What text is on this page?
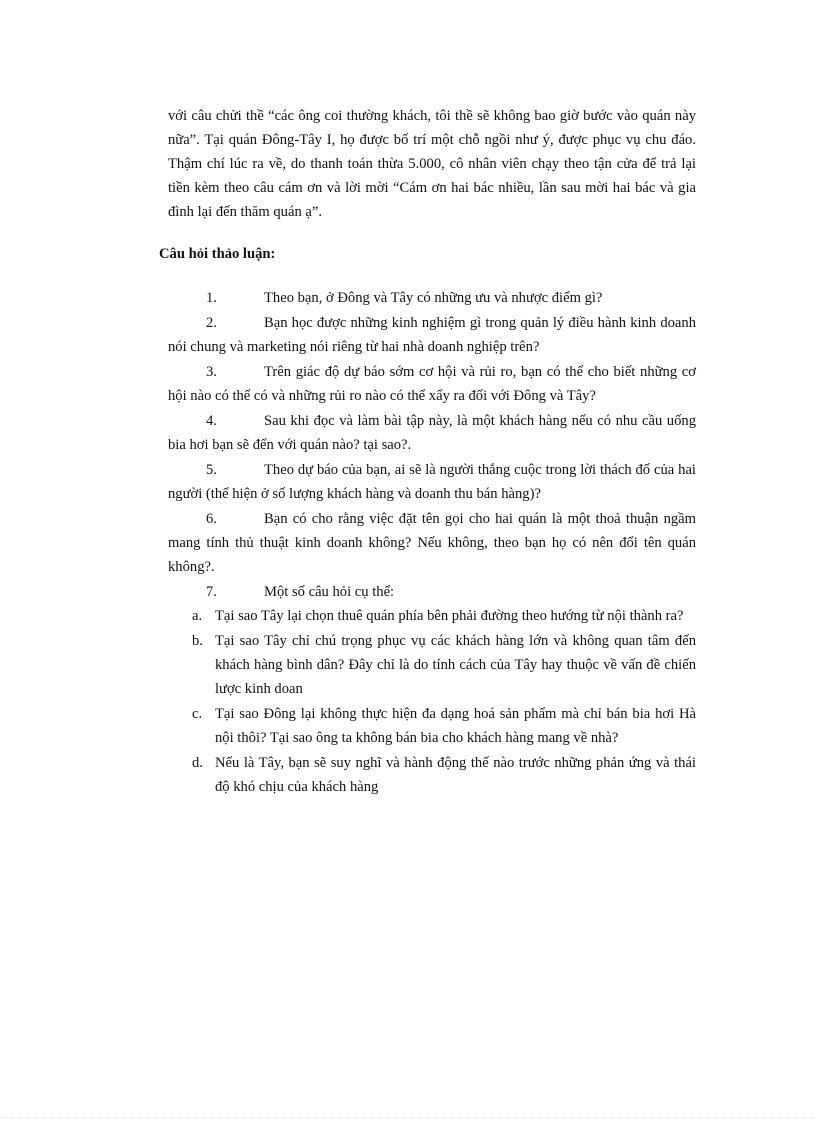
với câu chửi thề “các ông coi thường khách, tôi thề sẽ không bao giờ bước vào quán này nữa”. Tại quán Đông-Tây I, họ được bố trí một chỗ ngồi như ý, được phục vụ chu đáo. Thậm chí lúc ra về, do thanh toán thừa 5.000, cô nhân viên chạy theo tận cửa để trả lại tiền kèm theo câu cám ơn và lời mời “Cám ơn hai bác nhiều, lần sau mời hai bác và gia đình lại đến thăm quán ạ”.

Câu hỏi thảo luận:

1.	Theo bạn, ở Đông và Tây có những ưu và nhược điểm gì?
2.	Bạn học được những kinh nghiệm gì trong quản lý điều hành kinh doanh nói chung và marketing nói riêng từ hai nhà doanh nghiệp trên?
3.	Trên giác độ dự báo sớm cơ hội và rủi ro, bạn có thể cho biết những cơ hội nào có thể có và những rủi ro nào có thể xẩy ra đối với Đông và Tây?
4.	Sau khi đọc và làm bài tập này, là một khách hàng nếu có nhu cầu uống bia hơi bạn sẽ đến với quán nào? tại sao?.
5.	Theo dự báo của bạn, ai sẽ là người thắng cuộc trong lời thách đố của hai người (thể hiện ở số lượng khách hàng và doanh thu bán hàng)?
6.	Bạn có cho rằng việc đặt tên gọi cho hai quán là một thoả thuận ngầm mang tính thủ thuật kinh doanh không? Nếu không, theo bạn họ có nên đổi tên quán không?.
7.	Một số câu hỏi cụ thể:
a. Tại sao Tây lại chọn thuê quán phía bên phải đường theo hướng từ nội thành ra?
b. Tại sao Tây chỉ chú trọng phục vụ các khách hàng lớn và không quan tâm đến khách hàng bình dân? Đây chỉ là do tính cách của Tây hay thuộc về vấn đề chiến lược kinh doan
c. Tại sao Đông lại không thực hiện đa dạng hoá sản phẩm mà chỉ bán bia hơi Hà nội thôi? Tại sao ông ta không bán bia cho khách hàng mang về nhà?
d. Nếu là Tây, bạn sẽ suy nghĩ và hành động thế nào trước những phản ứng và thái độ khó chịu của khách hàng
